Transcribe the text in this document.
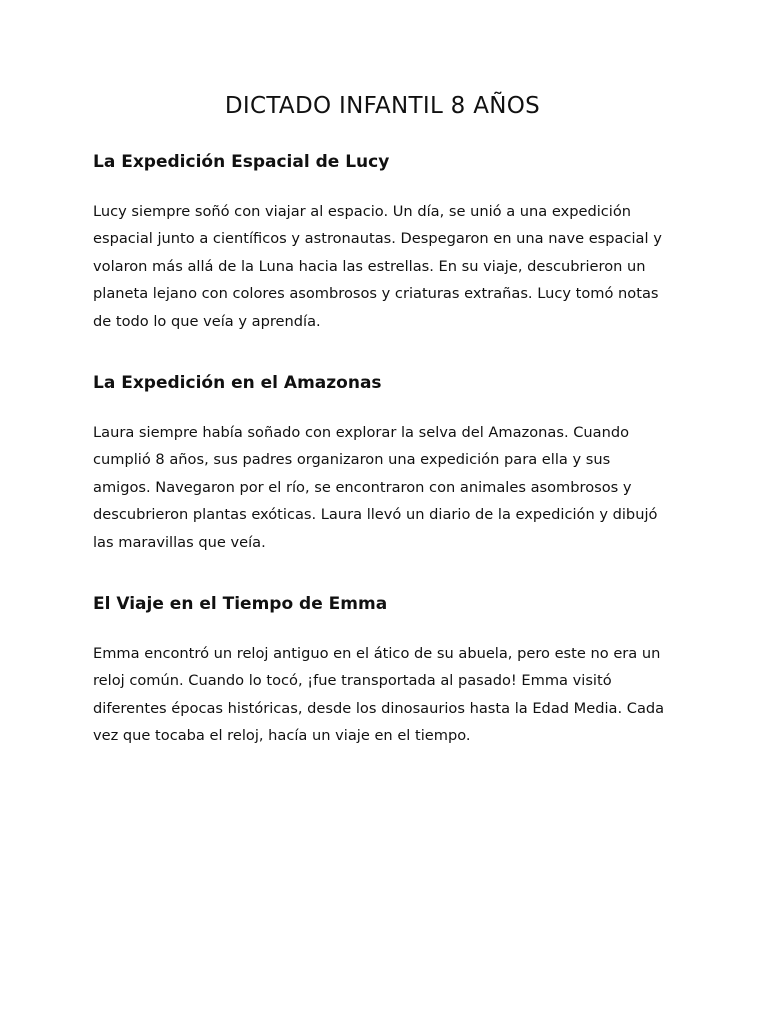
DICTADO INFANTIL 8 AÑOS
La Expedición Espacial de Lucy

Lucy siempre soñó con viajar al espacio. Un día, se unió a una expedición espacial junto a científicos y astronautas. Despegaron en una nave espacial y volaron más allá de la Luna hacia las estrellas. En su viaje, descubrieron un planeta lejano con colores asombrosos y criaturas extrañas. Lucy tomó notas de todo lo que veía y aprendía.

La Expedición en el Amazonas

Laura siempre había soñado con explorar la selva del Amazonas. Cuando cumplió 8 años, sus padres organizaron una expedición para ella y sus amigos. Navegaron por el río, se encontraron con animales asombrosos y descubrieron plantas exóticas. Laura llevó un diario de la expedición y dibujó las maravillas que veía.

El Viaje en el Tiempo de Emma

Emma encontró un reloj antiguo en el ático de su abuela, pero este no era un reloj común. Cuando lo tocó, ¡fue transportada al pasado! Emma visitó diferentes épocas históricas, desde los dinosaurios hasta la Edad Media. Cada vez que tocaba el reloj, hacía un viaje en el tiempo.
